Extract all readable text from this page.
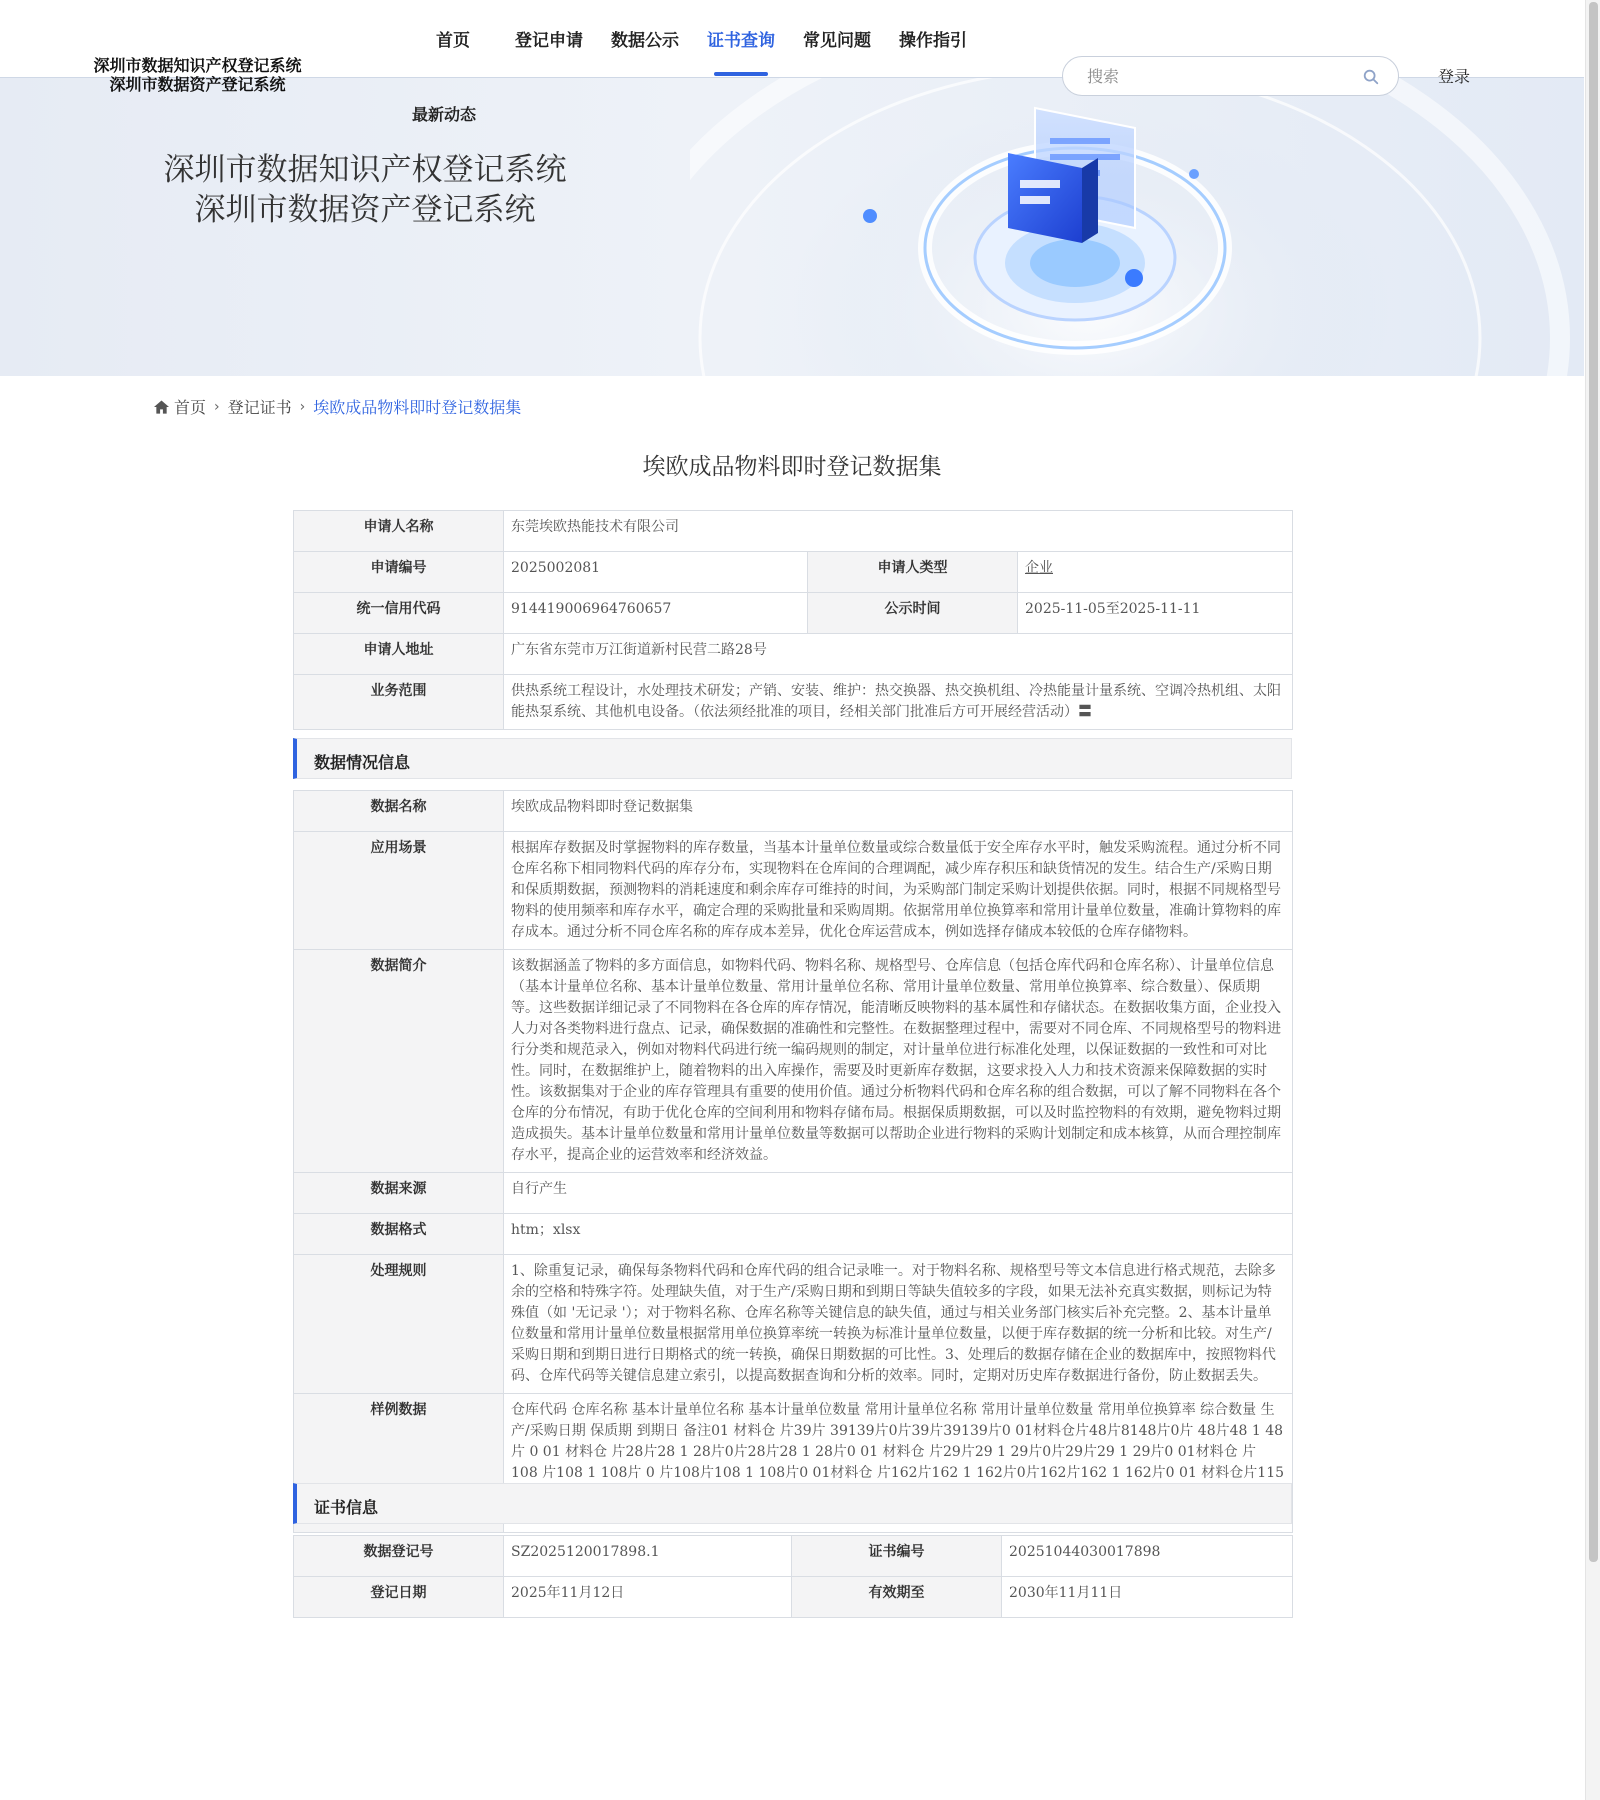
首页	登记申请	数据公示	证书查询	常见问题	操作指引
深圳市数据知识产权登记系统
深圳市数据资产登记系统
搜索	登录
深圳市数据知识产权登记系统
深圳市数据资产登记系统
最新动态
首页 › 登记证书 › 埃欧成品物料即时登记数据集
埃欧成品物料即时登记数据集
申请人名称	东莞埃欧热能技术有限公司		
申请编号	2025002081	申请人类型	企业
统一信用代码	914419006964760657	公示时间	2025-11-05至2025-11-11
申请人地址	广东省东莞市万江街道新村民营二路28号		
业务范围	供热系统工程设计，水处理技术研发；产销、安装、维护：热交换器、热交换机组、冷热能量计量系统、空调冷热机组、太阳能热泵系统、其他机电设备。（依法须经批准的项目，经相关部门批准后方可开展经营活动）〓		
数据情况信息
数据名称	埃欧成品物料即时登记数据集
应用场景	根据库存数据及时掌握物料的库存数量，当基本计量单位数量或综合数量低于安全库存水平时，触发采购流程。通过分析不同仓库名称下相同物料代码的库存分布，实现物料在仓库间的合理调配，减少库存积压和缺货情况的发生。结合生产/采购日期和保质期数据，预测物料的消耗速度和剩余库存可维持的时间，为采购部门制定采购计划提供依据。同时，根据不同规格型号物料的使用频率和库存水平，确定合理的采购批量和采购周期。依据常用单位换算率和常用计量单位数量，准确计算物料的库存成本。通过分析不同仓库名称的库存成本差异，优化仓库运营成本，例如选择存储成本较低的仓库存储物料。
数据简介	该数据涵盖了物料的多方面信息，如物料代码、物料名称、规格型号、仓库信息（包括仓库代码和仓库名称）、计量单位信息（基本计量单位名称、基本计量单位数量、常用计量单位名称、常用计量单位数量、常用单位换算率、综合数量）、保质期等。这些数据详细记录了不同物料在各仓库的库存情况，能清晰反映物料的基本属性和存储状态。在数据收集方面，企业投入人力对各类物料进行盘点、记录，确保数据的准确性和完整性。在数据整理过程中，需要对不同仓库、不同规格型号的物料进行分类和规范录入，例如对物料代码进行统一编码规则的制定，对计量单位进行标准化处理，以保证数据的一致性和可对比性。同时，在数据维护上，随着物料的出入库操作，需要及时更新库存数据，这要求投入人力和技术资源来保障数据的实时性。该数据集对于企业的库存管理具有重要的使用价值。通过分析物料代码和仓库名称的组合数据，可以了解不同物料在各个仓库的分布情况，有助于优化仓库的空间利用和物料存储布局。根据保质期数据，可以及时监控物料的有效期，避免物料过期造成损失。基本计量单位数量和常用计量单位数量等数据可以帮助企业进行物料的采购计划制定和成本核算，从而合理控制库存水平，提高企业的运营效率和经济效益。
数据来源	自行产生
数据格式	htm；xlsx
处理规则	1、除重复记录，确保每条物料代码和仓库代码的组合记录唯一。对于物料名称、规格型号等文本信息进行格式规范，去除多余的空格和特殊字符。处理缺失值，对于生产/采购日期和到期日等缺失值较多的字段，如果无法补充真实数据，则标记为特殊值（如 '无记录 '）；对于物料名称、仓库名称等关键信息的缺失值，通过与相关业务部门核实后补充完整。2、基本计量单位数量和常用计量单位数量根据常用单位换算率统一转换为标准计量单位数量，以便于库存数据的统一分析和比较。对生产/采购日期和到期日进行日期格式的统一转换，确保日期数据的可比性。3、处理后的数据存储在企业的数据库中，按照物料代码、仓库代码等关键信息建立索引，以提高数据查询和分析的效率。同时，定期对历史库存数据进行备份，防止数据丢失。
样例数据	仓库代码 仓库名称 基本计量单位名称 基本计量单位数量 常用计量单位名称 常用计量单位数量 常用单位换算率 综合数量 生产/采购日期 保质期 到期日 备注01 材料仓 片39片 39139片0片39片39139片0 01材料仓片48片8148片0片 48片48 1 48片 0 01 材料仓 片28片28 1 28片0片28片28 1 28片0 01 材料仓 片29片29 1 29片0片29片29 1 29片0 01材料仓 片 108 片108 1 108片 0 片108片108 1 108片0 01材料仓 片162片162 1 162片0片162片162 1 162片0 01 材料仓片115
证书信息
数据登记号	SZ2025120017898.1	证书编号	20251044030017898
登记日期	2025年11月12日	有效期至	2030年11月11日
